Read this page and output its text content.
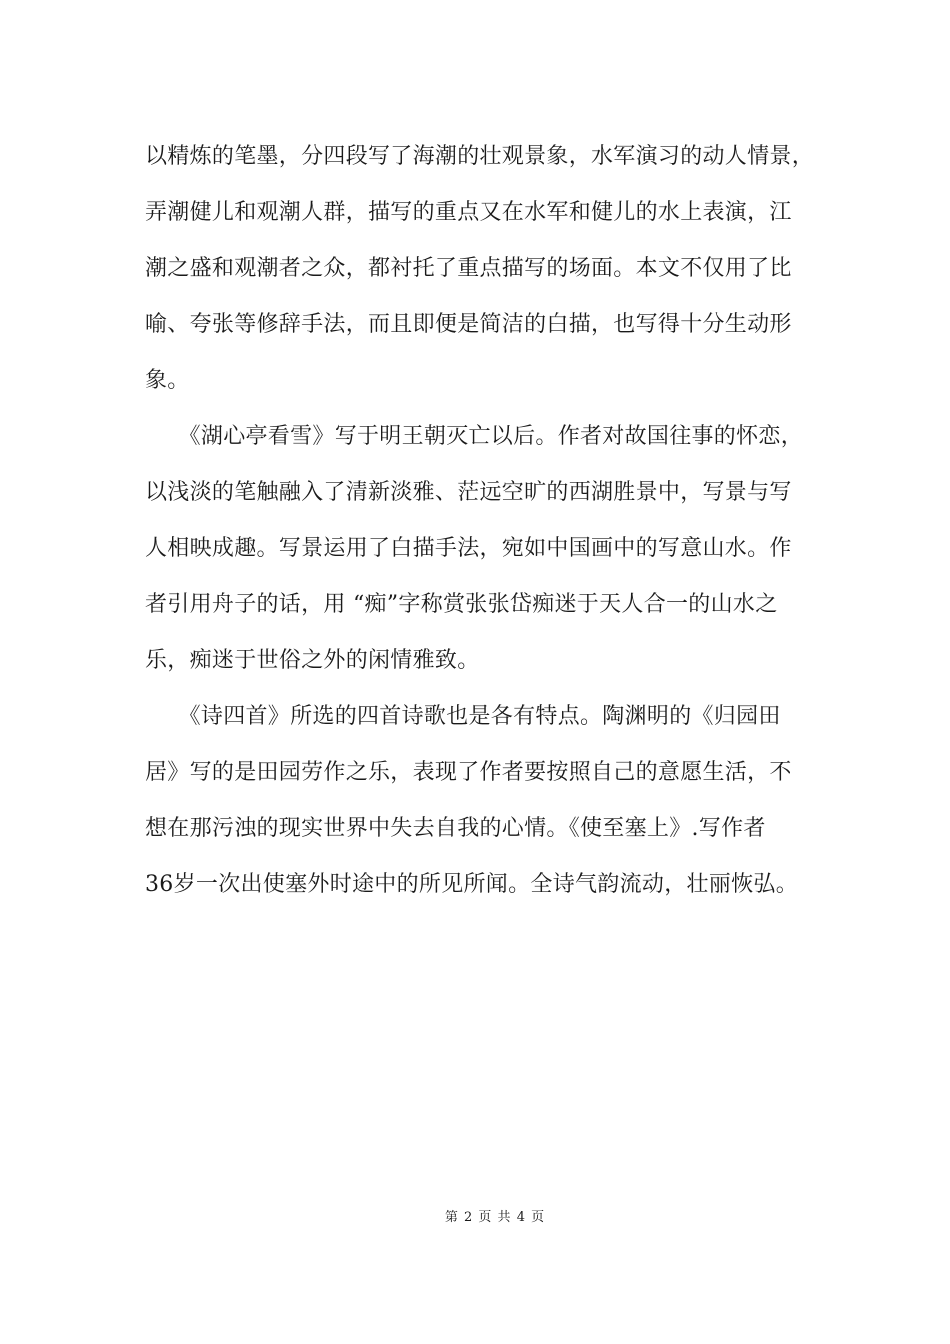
以精炼的笔墨，分四段写了海潮的壮观景象，水军演习的动人情景，
弄潮健儿和观潮人群，描写的重点又在水军和健儿的水上表演，江
潮之盛和观潮者之众，都衬托了重点描写的场面。本文不仅用了比
喻、夸张等修辞手法，而且即便是简洁的白描，也写得十分生动形
象。
　　《湖心亭看雪》写于明王朝灭亡以后。作者对故国往事的怀恋，
以浅淡的笔触融入了清新淡雅、茫远空旷的西湖胜景中，写景与写
人相映成趣。写景运用了白描手法，宛如中国画中的写意山水。作
者引用舟子的话，用 “痴”字称赏张张岱痴迷于天人合一的山水之
乐，痴迷于世俗之外的闲情雅致。
　　《诗四首》所选的四首诗歌也是各有特点。陶渊明的《归园田
居》写的是田园劳作之乐，表现了作者要按照自己的意愿生活，不
想在那污浊的现实世界中失去自我的心情。《使至塞上》.写作者
36岁一次出使塞外时途中的所见所闻。全诗气韵流动，壮丽恢弘。
第 2 页 共 4 页
